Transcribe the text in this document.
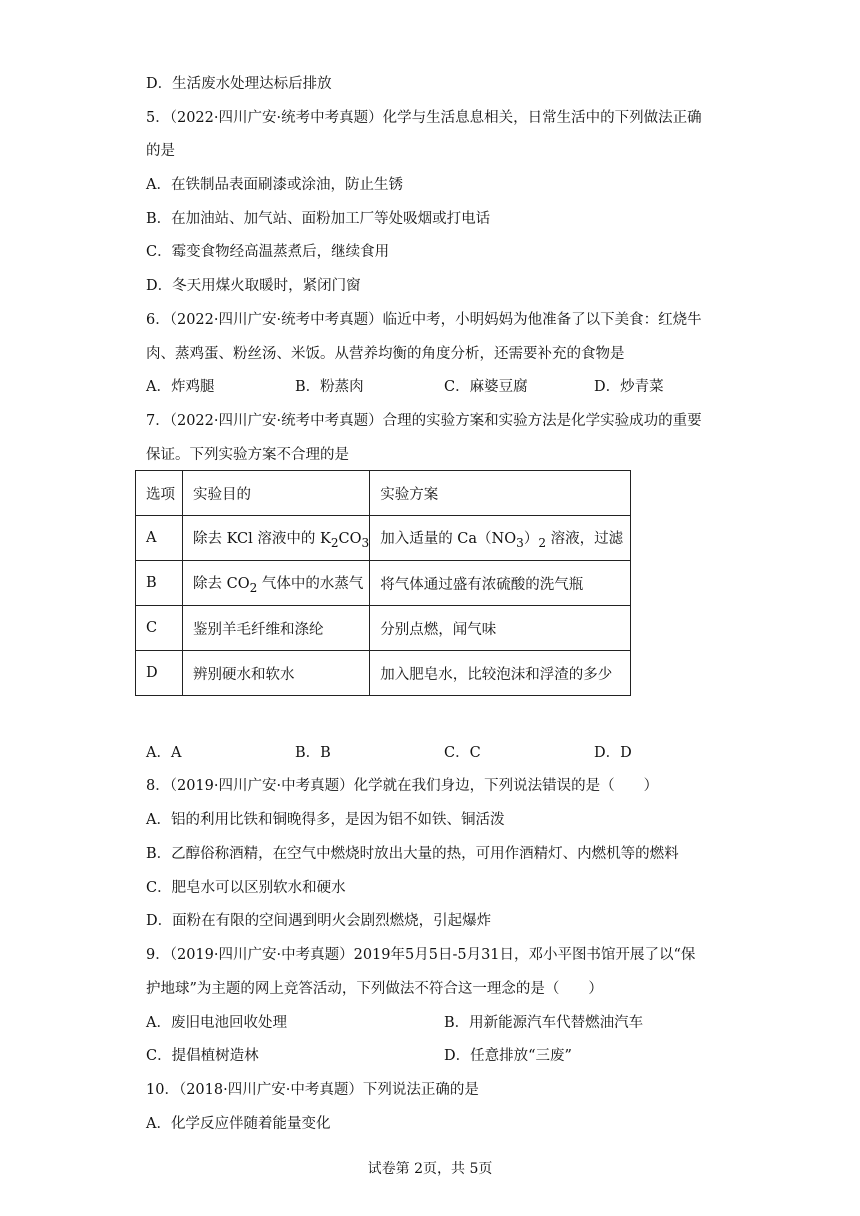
D．生活废水处理达标后排放
5．（2022·四川广安·统考中考真题）化学与生活息息相关，日常生活中的下列做法正确
的是
A．在铁制品表面刷漆或涂油，防止生锈
B．在加油站、加气站、面粉加工厂等处吸烟或打电话
C．霉变食物经高温蒸煮后，继续食用
D．冬天用煤火取暖时，紧闭门窗
6．（2022·四川广安·统考中考真题）临近中考，小明妈妈为他准备了以下美食：红烧牛
肉、蒸鸡蛋、粉丝汤、米饭。从营养均衡的角度分析，还需要补充的食物是
A．炸鸡腿	B．粉蒸肉	C．麻婆豆腐	D．炒青菜
7．（2022·四川广安·统考中考真题）合理的实验方案和实验方法是化学实验成功的重要
保证。下列实验方案不合理的是
选项	实验目的	实验方案
A	除去 KCl 溶液中的 $K_2CO_3$	加入适量的 $Ca(NO_3)_2$ 溶液，过滤
B	除去 $CO_2$ 气体中的水蒸气	将气体通过盛有浓硫酸的洗气瓶
C	鉴别羊毛纤维和涤纶	分别点燃，闻气味
D	辨别硬水和软水	加入肥皂水，比较泡沫和浮渣的多少
A．A	B．B	C．C	D．D
8．（2019·四川广安·中考真题）化学就在我们身边，下列说法错误的是（　　）
A．铝的利用比铁和铜晚得多，是因为铝不如铁、铜活泼
B．乙醇俗称酒精，在空气中燃烧时放出大量的热，可用作酒精灯、内燃机等的燃料
C．肥皂水可以区别软水和硬水
D．面粉在有限的空间遇到明火会剧烈燃烧，引起爆炸
9．（2019·四川广安·中考真题）2019年5月5日-5月31日，邓小平图书馆开展了以“保
护地球”为主题的网上竞答活动，下列做法不符合这一理念的是（　　）
A．废旧电池回收处理	B．用新能源汽车代替燃油汽车
C．提倡植树造林	D．任意排放“三废”
10．（2018·四川广安·中考真题）下列说法正确的是
A．化学反应伴随着能量变化
试卷第 2页，共 5页
